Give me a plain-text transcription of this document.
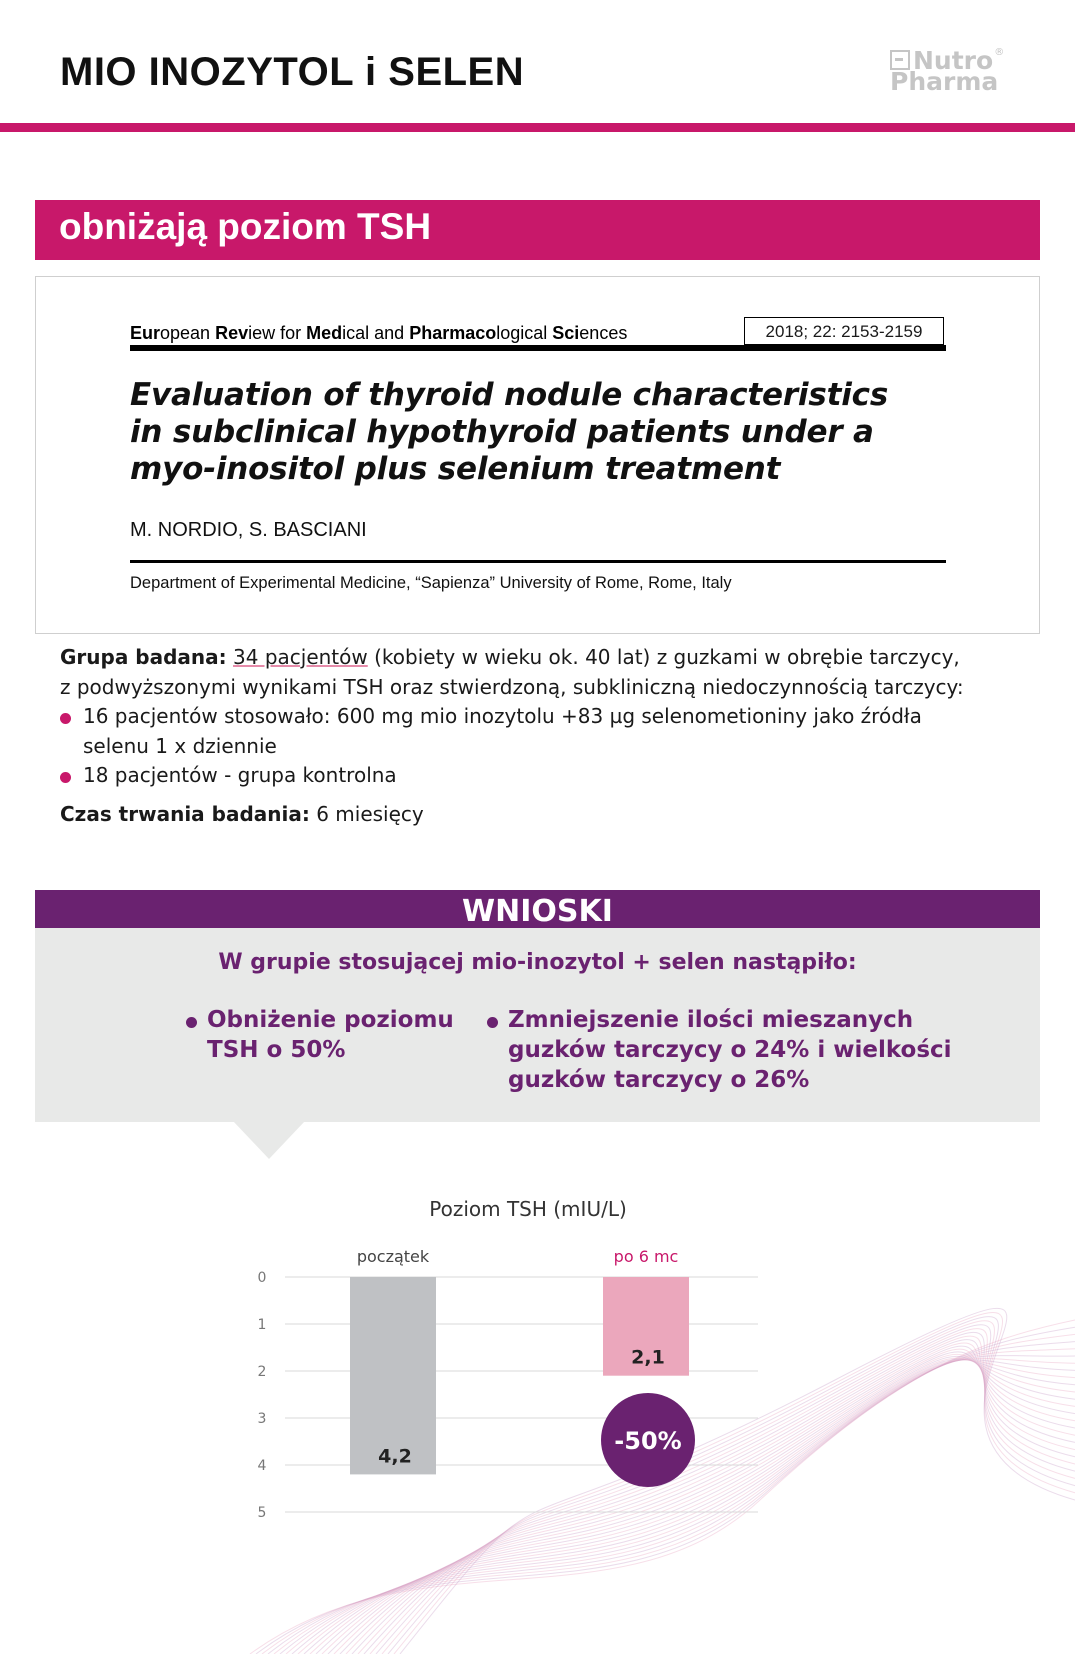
MIO INOZYTOL i SELEN	Nutro®
Pharma
obniżają poziom TSH
European Review for Medical and Pharmacological Sciences	2018; 22: 2153-2159
Evaluation of thyroid nodule characteristics
in subclinical hypothyroid patients under a
myo-inositol plus selenium treatment
M. NORDIO, S. BASCIANI
Department of Experimental Medicine, “Sapienza” University of Rome, Rome, Italy
Grupa badana: 34 pacjentów (kobiety w wieku ok. 40 lat) z guzkami w obrębie tarczycy,
z podwyższonymi wynikami TSH oraz stwierdzoną, subkliniczną niedoczynnością tarczycy:
16 pacjentów stosowało: 600 mg mio inozytolu +83 µg selenometioniny jako źródła
selenu 1 x dziennie
18 pacjentów - grupa kontrolna
Czas trwania badania: 6 miesięcy
WNIOSKI
W grupie stosującej mio-inozytol + selen nastąpiło:
Obniżenie poziomu TSH o 50%
Zmniejszenie ilości mieszanych guzków tarczycy o 24% i wielkości guzków tarczycy o 26%
Poziom TSH (mIU/L)
0
1
2
3
4
5
początek
4,2
po 6 mc
2,1
-50%
